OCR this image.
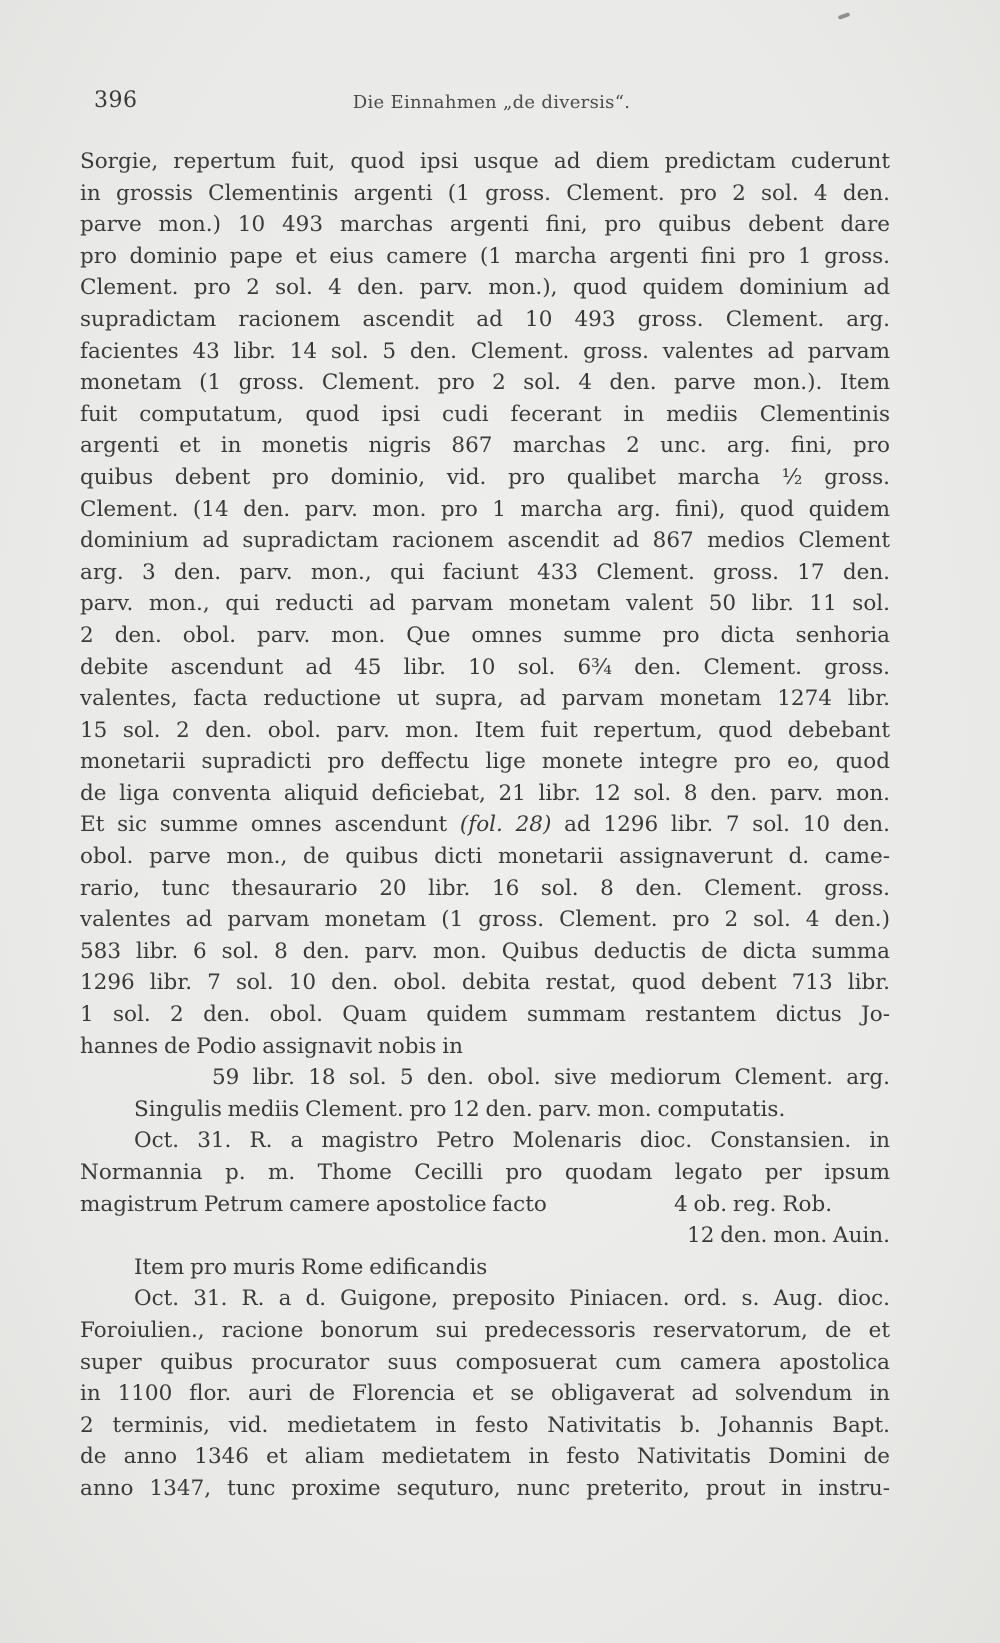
396	Die Einnahmen „de diversis“.
Sorgie, repertum fuit, quod ipsi usque ad diem predictam cuderunt
in grossis Clementinis argenti (1 gross. Clement. pro 2 sol. 4 den.
parve mon.) 10 493 marchas argenti fini, pro quibus debent dare
pro dominio pape et eius camere (1 marcha argenti fini pro 1 gross.
Clement. pro 2 sol. 4 den. parv. mon.), quod quidem dominium ad
supradictam racionem ascendit ad 10 493 gross. Clement. arg.
facientes 43 libr. 14 sol. 5 den. Clement. gross. valentes ad parvam
monetam (1 gross. Clement. pro 2 sol. 4 den. parve mon.). Item
fuit computatum, quod ipsi cudi fecerant in mediis Clementinis
argenti et in monetis nigris 867 marchas 2 unc. arg. fini, pro
quibus debent pro dominio, vid. pro qualibet marcha ½ gross.
Clement. (14 den. parv. mon. pro 1 marcha arg. fini), quod quidem
dominium ad supradictam racionem ascendit ad 867 medios Clement
arg. 3 den. parv. mon., qui faciunt 433 Clement. gross. 17 den.
parv. mon., qui reducti ad parvam monetam valent 50 libr. 11 sol.
2 den. obol. parv. mon. Que omnes summe pro dicta senhoria
debite ascendunt ad 45 libr. 10 sol. 6¾ den. Clement. gross.
valentes, facta reductione ut supra, ad parvam monetam 1274 libr.
15 sol. 2 den. obol. parv. mon. Item fuit repertum, quod debebant
monetarii supradicti pro deffectu lige monete integre pro eo, quod
de liga conventa aliquid deficiebat, 21 libr. 12 sol. 8 den. parv. mon.
Et sic summe omnes ascendunt (fol. 28) ad 1296 libr. 7 sol. 10 den.
obol. parve mon., de quibus dicti monetarii assignaverunt d. came-
rario, tunc thesaurario 20 libr. 16 sol. 8 den. Clement. gross.
valentes ad parvam monetam (1 gross. Clement. pro 2 sol. 4 den.)
583 libr. 6 sol. 8 den. parv. mon. Quibus deductis de dicta summa
1296 libr. 7 sol. 10 den. obol. debita restat, quod debent 713 libr.
1 sol. 2 den. obol. Quam quidem summam restantem dictus Jo-
hannes de Podio assignavit nobis in
59 libr. 18 sol. 5 den. obol. sive mediorum Clement. arg.
Singulis mediis Clement. pro 12 den. parv. mon. computatis.
Oct. 31. R. a magistro Petro Molenaris dioc. Constansien. in
Normannia p. m. Thome Cecilli pro quodam legato per ipsum
magistrum Petrum camere apostolice facto	4 ob. reg. Rob.
12 den. mon. Auin.
Item pro muris Rome edificandis
Oct. 31. R. a d. Guigone, preposito Piniacen. ord. s. Aug. dioc.
Foroiulien., racione bonorum sui predecessoris reservatorum, de et
super quibus procurator suus composuerat cum camera apostolica
in 1100 flor. auri de Florencia et se obligaverat ad solvendum in
2 terminis, vid. medietatem in festo Nativitatis b. Johannis Bapt.
de anno 1346 et aliam medietatem in festo Nativitatis Domini de
anno 1347, tunc proxime sequturo, nunc preterito, prout in instru-
